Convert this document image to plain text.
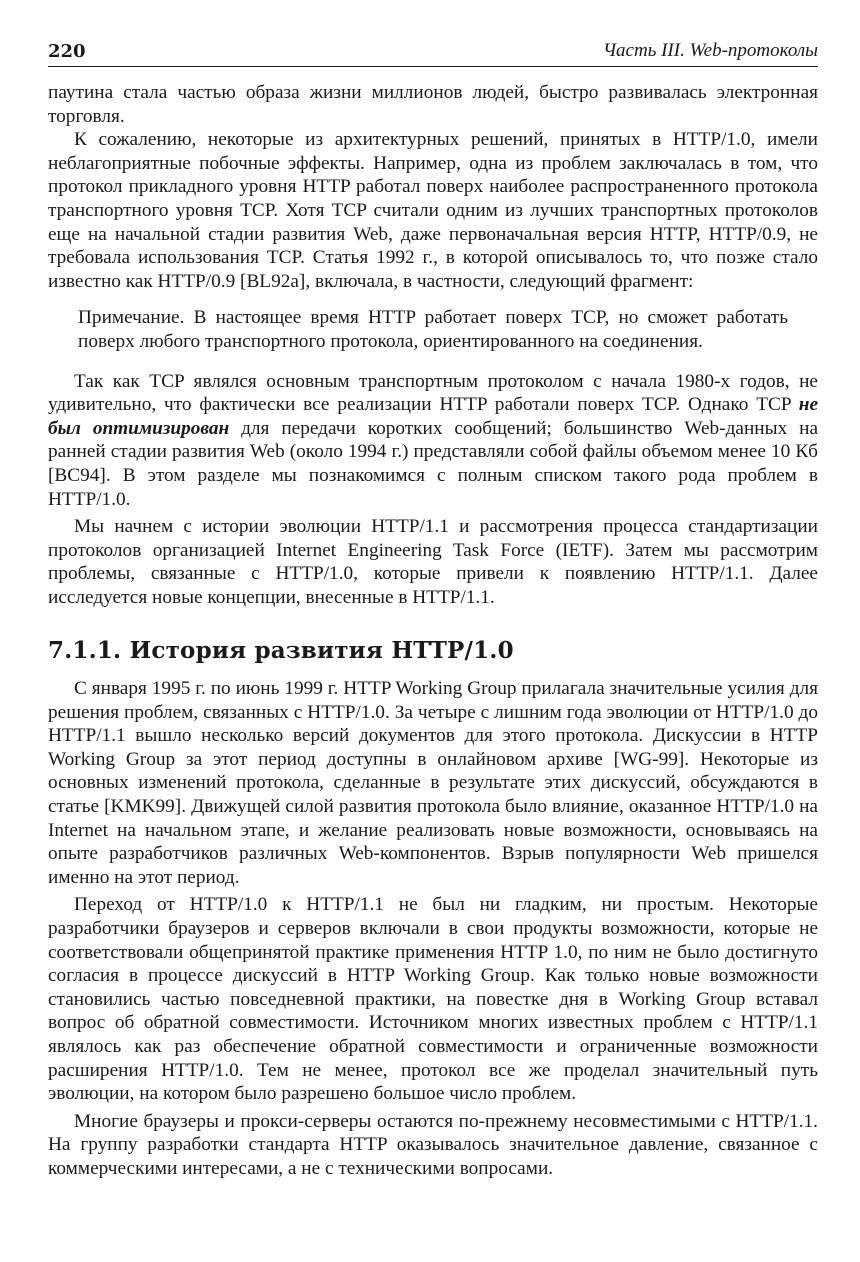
220	Часть III. Web-протоколы

паутина стала частью образа жизни миллионов людей, быстро развивалась электронная торговля.

К сожалению, некоторые из архитектурных решений, принятых в HTTP/1.0, имели неблагоприятные побочные эффекты. Например, одна из проблем заключалась в том, что протокол прикладного уровня HTTP работал поверх наиболее распространенного протокола транспортного уровня TCP. Хотя TCP считали одним из лучших транспортных протоколов еще на начальной стадии развития Web, даже первоначальная версия HTTP, HTTP/0.9, не требовала использования TCP. Статья 1992 г., в которой описывалось то, что позже стало известно как HTTP/0.9 [BL92a], включала, в частности, следующий фрагмент:

Примечание. В настоящее время HTTP работает поверх TCP, но сможет работать поверх любого транспортного протокола, ориентированного на соединения.

Так как TCP являлся основным транспортным протоколом с начала 1980-х годов, не удивительно, что фактически все реализации HTTP работали поверх TCP. Однако TCP не был оптимизирован для передачи коротких сообщений; большинство Web-данных на ранней стадии развития Web (около 1994 г.) представляли собой файлы объемом менее 10 Кб [BC94]. В этом разделе мы познакомимся с полным списком такого рода проблем в HTTP/1.0.

Мы начнем с истории эволюции HTTP/1.1 и рассмотрения процесса стандартизации протоколов организацией Internet Engineering Task Force (IETF). Затем мы рассмотрим проблемы, связанные с HTTP/1.0, которые привели к появлению HTTP/1.1. Далее исследуется новые концепции, внесенные в HTTP/1.1.

7.1.1. История развития HTTP/1.0

С января 1995 г. по июнь 1999 г. HTTP Working Group прилагала значительные усилия для решения проблем, связанных с HTTP/1.0. За четыре с лишним года эволюции от HTTP/1.0 до HTTP/1.1 вышло несколько версий документов для этого протокола. Дискуссии в HTTP Working Group за этот период доступны в онлайновом архиве [WG-99]. Некоторые из основных изменений протокола, сделанные в результате этих дискуссий, обсуждаются в статье [KMK99]. Движущей силой развития протокола было влияние, оказанное HTTP/1.0 на Internet на начальном этапе, и желание реализовать новые возможности, основываясь на опыте разработчиков различных Web-компонентов. Взрыв популярности Web пришелся именно на этот период.

Переход от HTTP/1.0 к HTTP/1.1 не был ни гладким, ни простым. Некоторые разработчики браузеров и серверов включали в свои продукты возможности, которые не соответствовали общепринятой практике применения HTTP 1.0, по ним не было достигнуто согласия в процессе дискуссий в HTTP Working Group. Как только новые возможности становились частью повседневной практики, на повестке дня в Working Group вставал вопрос об обратной совместимости. Источником многих известных проблем с HTTP/1.1 являлось как раз обеспечение обратной совместимости и ограниченные возможности расширения HTTP/1.0. Тем не менее, протокол все же проделал значительный путь эволюции, на котором было разрешено большое число проблем.

Многие браузеры и прокси-серверы остаются по-прежнему несовместимыми с HTTP/1.1. На группу разработки стандарта HTTP оказывалось значительное давление, связанное с коммерческими интересами, а не с техническими вопросами.
